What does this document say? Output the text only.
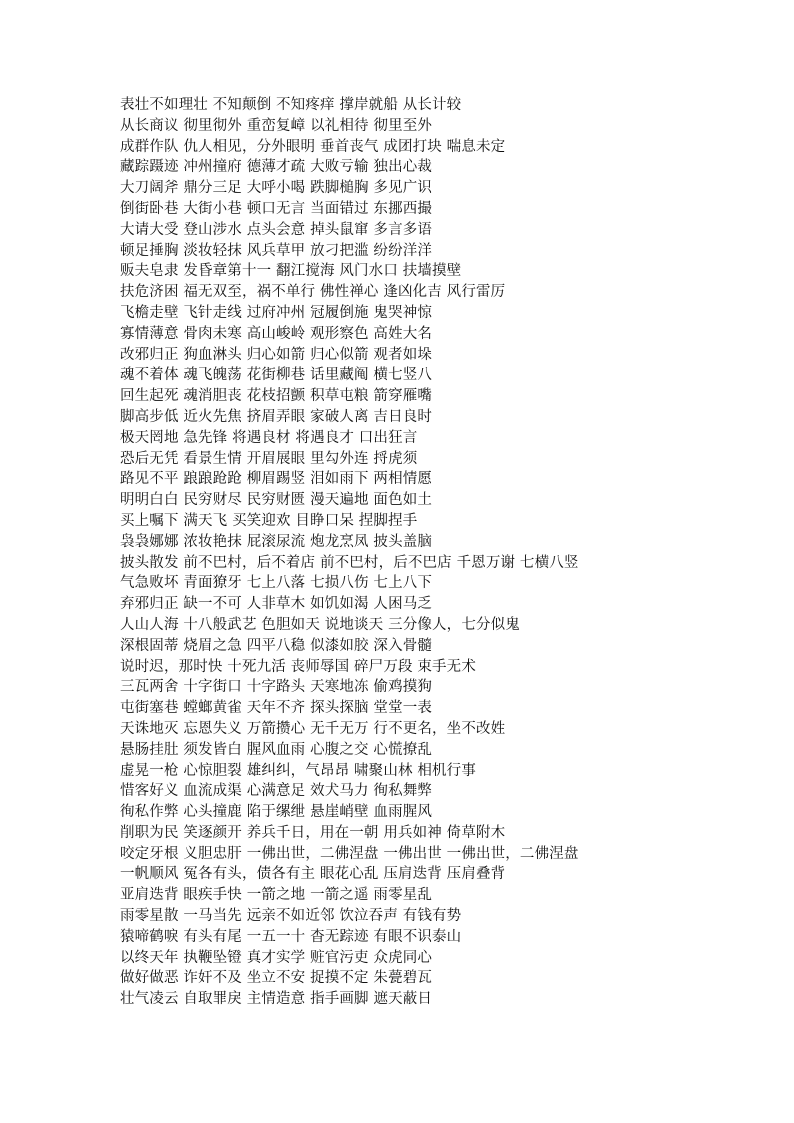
表壮不如理壮 不知颠倒 不知疼痒 撑岸就船 从长计较
从长商议 彻里彻外 重峦复嶂 以礼相待 彻里至外
成群作队 仇人相见，分外眼明 垂首丧气 成团打块 喘息未定
藏踪蹑迹 冲州撞府 德薄才疏 大败亏输 独出心裁
大刀阔斧 鼎分三足 大呼小喝 跌脚槌胸 多见广识
倒街卧巷 大街小巷 顿口无言 当面错过 东挪西撮
大请大受 登山涉水 点头会意 掉头鼠窜 多言多语
顿足捶胸 淡妆轻抹 风兵草甲 放刁把滥 纷纷洋洋
贩夫皂隶 发昏章第十一 翻江搅海 风门水口 扶墙摸壁
扶危济困 福无双至，祸不单行 佛性禅心 逢凶化吉 风行雷厉
飞檐走壁 飞针走线 过府冲州 冠履倒施 鬼哭神惊
寡情薄意 骨肉未寒 高山峻岭 观形察色 高姓大名
改邪归正 狗血淋头 归心如箭 归心似箭 观者如垛
魂不着体 魂飞魄荡 花街柳巷 话里藏阄 横七竖八
回生起死 魂消胆丧 花枝招颤 积草屯粮 箭穿雁嘴
脚高步低 近火先焦 挤眉弄眼 家破人离 吉日良时
极天罔地 急先锋 将遇良材 将遇良才 口出狂言
恐后无凭 看景生情 开眉展眼 里勾外连 捋虎须
路见不平 踉踉跄跄 柳眉踢竖 泪如雨下 两相情愿
明明白白 民穷财尽 民穷财匮 漫天遍地 面色如土
买上嘱下 满天飞 买笑迎欢 目睁口呆 捏脚捏手
袅袅娜娜 浓妆艳抹 屁滚尿流 炮龙烹凤 披头盖脑
披头散发 前不巴村，后不着店 前不巴村，后不巴店 千恩万谢 七横八竖
气急败坏 青面獠牙 七上八落 七损八伤 七上八下
弃邪归正 缺一不可 人非草木 如饥如渴 人困马乏
人山人海 十八般武艺 色胆如天 说地谈天 三分像人，七分似鬼
深根固蒂 烧眉之急 四平八稳 似漆如胶 深入骨髓
说时迟，那时快 十死九活 丧师辱国 碎尸万段 束手无术
三瓦两舍 十字街口 十字路头 天寒地冻 偷鸡摸狗
屯街塞巷 螳螂黄雀 天年不齐 探头探脑 堂堂一表
天诛地灭 忘恩失义 万箭攒心 无千无万 行不更名，坐不改姓
悬肠挂肚 须发皆白 腥风血雨 心腹之交 心慌撩乱
虚晃一枪 心惊胆裂 雄纠纠，气昂昂 啸聚山林 相机行事
惜客好义 血流成渠 心满意足 效犬马力 徇私舞弊
徇私作弊 心头撞鹿 陷于缧绁 悬崖峭壁 血雨腥风
削职为民 笑逐颜开 养兵千日，用在一朝 用兵如神 倚草附木
咬定牙根 义胆忠肝 一佛出世，二佛涅盘 一佛出世 一佛出世，二佛涅盘
一帆顺风 冤各有头，债各有主 眼花心乱 压肩迭背 压肩叠背
亚肩迭背 眼疾手快 一箭之地 一箭之遥 雨零星乱
雨零星散 一马当先 远亲不如近邻 饮泣吞声 有钱有势
猿啼鹤唳 有头有尾 一五一十 杳无踪迹 有眼不识泰山
以终天年 执鞭坠镫 真才实学 赃官污吏 众虎同心
做好做恶 诈奸不及 坐立不安 捉摸不定 朱甍碧瓦
壮气凌云 自取罪戾 主情造意 指手画脚 遮天蔽日
